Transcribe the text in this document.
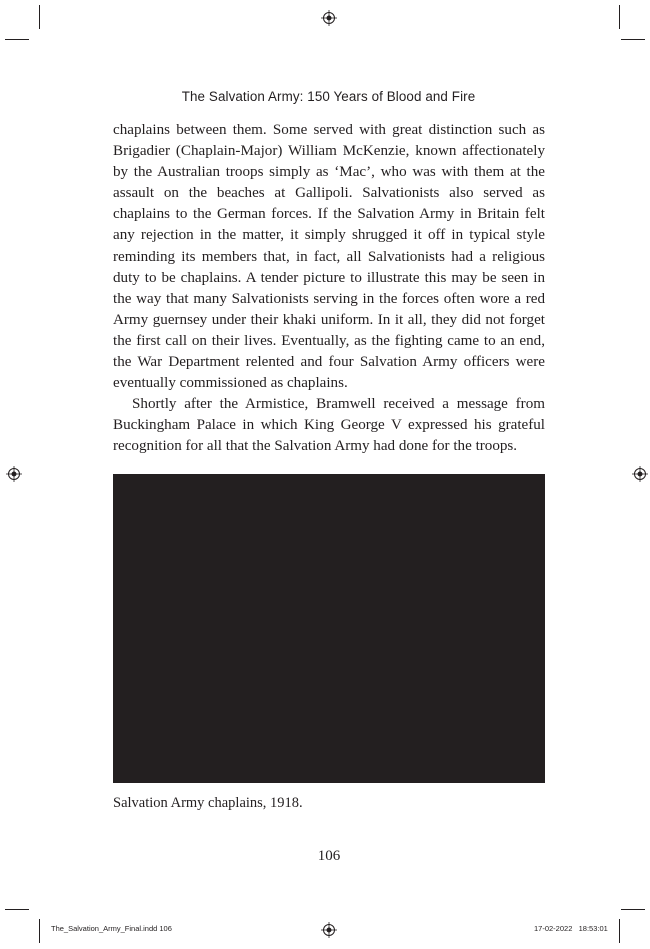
The Salvation Army: 150 Years of Blood and Fire

chaplains between them. Some served with great distinction such as Brigadier (Chaplain-Major) William McKenzie, known affectionately by the Australian troops simply as ‘Mac’, who was with them at the assault on the beaches at Gallipoli. Salvationists also served as chaplains to the German forces. If the Salvation Army in Britain felt any rejection in the matter, it simply shrugged it off in typical style reminding its members that, in fact, all Salvationists had a religious duty to be chaplains. A tender picture to illustrate this may be seen in the way that many Salvationists serving in the forces often wore a red Army guernsey under their khaki uniform. In it all, they did not forget the first call on their lives. Eventually, as the fighting came to an end, the War Department relented and four Salvation Army officers were eventually commissioned as chaplains.

Shortly after the Armistice, Bramwell received a message from Buckingham Palace in which King George V expressed his grateful recognition for all that the Salvation Army had done for the troops.

Salvation Army chaplains, 1918.
106
The_Salvation_Army_Final.indd 106	17-02-2022   18:53:01
